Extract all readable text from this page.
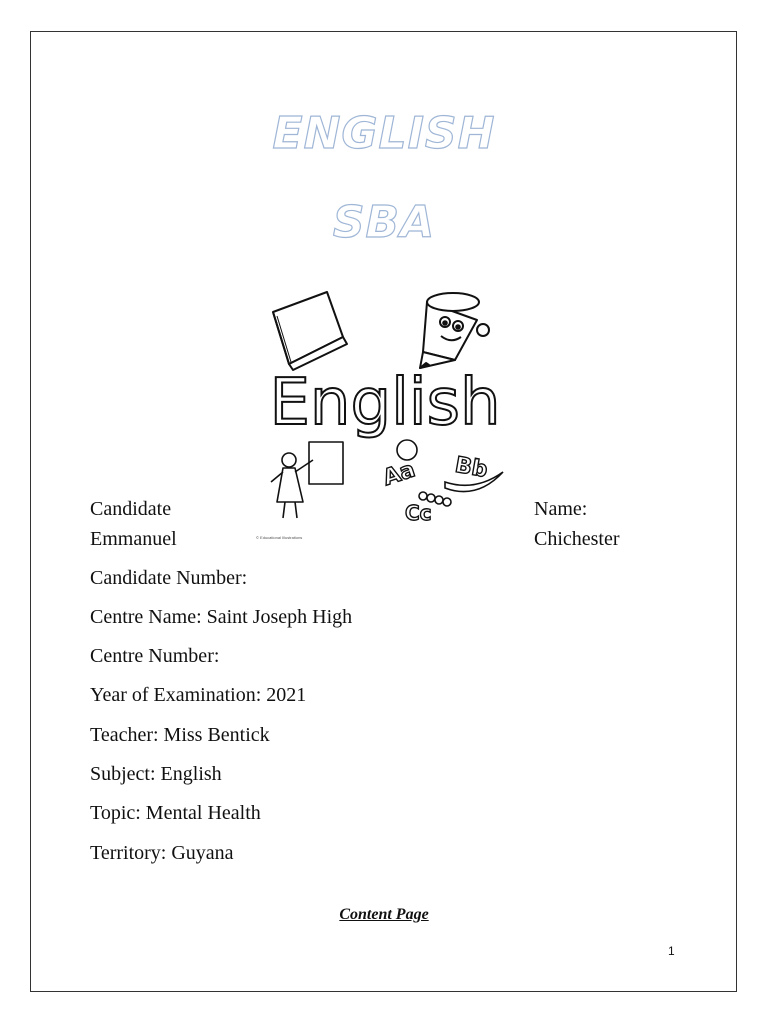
ENGLISH
SBA
English
Aa Bb
Cc
© Educational Illustrations
Candidate
Emmanuel
Name:
Chichester
Candidate Number:
Centre Name: Saint Joseph High
Centre Number:
Year of Examination: 2021
Teacher: Miss Bentick
Subject: English
Topic: Mental Health
Territory: Guyana
Content Page
1
